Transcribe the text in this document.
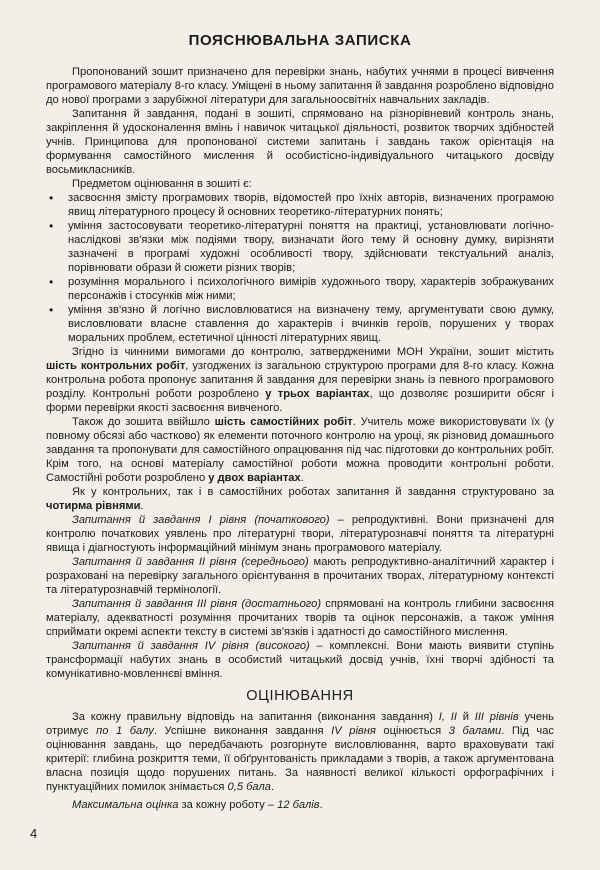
ПОЯСНЮВАЛЬНА ЗАПИСКА

Пропонований зошит призначено для перевірки знань, набутих учнями в процесі вивчення програмового матеріалу 8-го класу. Уміщені в ньому запитання й завдання розроблено відповідно до нової програми з зарубіжної літератури для загальноосвітніх навчальних закладів.

Запитання й завдання, подані в зошиті, спрямовано на різнорівневий контроль знань, закріплення й удосконалення вмінь і навичок читацької діяльності, розвиток творчих здібностей учнів. Принципова для пропонованої системи запитань і завдань також орієнтація на формування самостійного мислення й особистісно-індивідуального читацького досвіду восьмикласників.

Предметом оцінювання в зошиті є:

• засвоєння змісту програмових творів, відомостей про їхніх авторів, визначених програмою явищ літературного процесу й основних теоретико-літературних понять;
• уміння застосовувати теоретико-літературні поняття на практиці, установлювати логічно-наслідкові зв'язки між подіями твору, визначати його тему й основну думку, вирізняти зазначені в програмі художні особливості твору, здійснювати текстуальний аналіз, порівнювати образи й сюжети різних творів;
• розуміння морального і психологічного вимірів художнього твору, характерів зображуваних персонажів і стосунків між ними;
• уміння зв'язно й логічно висловлюватися на визначену тему, аргументувати свою думку, висловлювати власне ставлення до характерів і вчинків героїв, порушених у творах моральних проблем, естетичної цінності літературних явищ.

Згідно із чинними вимогами до контролю, затвердженими МОН України, зошит містить шість контрольних робіт, узгоджених із загальною структурою програми для 8-го класу. Кожна контрольна робота пропонує запитання й завдання для перевірки знань із певного програмового розділу. Контрольні роботи розроблено у трьох варіантах, що дозволяє розширити обсяг і форми перевірки якості засвоєння вивченого.

Також до зошита ввійшло шість самостійних робіт. Учитель може використовувати їх (у повному обсязі або частково) як елементи поточного контролю на уроці, як різновид домашнього завдання та пропонувати для самостійного опрацювання під час підготовки до контрольних робіт. Крім того, на основі матеріалу самостійної роботи можна проводити контрольні роботи. Самостійні роботи розроблено у двох варіантах.

Як у контрольних, так і в самостійних роботах запитання й завдання структуровано за чотирма рівнями.

Запитання й завдання І рівня (початкового) – репродуктивні. Вони призначені для контролю початкових уявлень про літературні твори, літературознавчі поняття та літературні явища і діагностують інформаційний мінімум знань програмового матеріалу.

Запитання й завдання ІІ рівня (середнього) мають репродуктивно-аналітичний характер і розраховані на перевірку загального орієнтування в прочитаних творах, літературному контексті та літературознавчій термінології.

Запитання й завдання ІІІ рівня (достатнього) спрямовані на контроль глибини засвоєння матеріалу, адекватності розуміння прочитаних творів та оцінок персонажів, а також уміння сприймати окремі аспекти тексту в системі зв'язків і здатності до самостійного мислення.

Запитання й завдання IV рівня (високого) – комплексні. Вони мають виявити ступінь трансформації набутих знань в особистий читацький досвід учнів, їхні творчі здібності та комунікативно-мовленнєві вміння.

ОЦІНЮВАННЯ

За кожну правильну відповідь на запитання (виконання завдання) І, ІІ й ІІІ рівнів учень отримує по 1 балу. Успішне виконання завдання IV рівня оцінюється 3 балами. Під час оцінювання завдань, що передбачають розгорнуте висловлювання, варто враховувати такі критерії: глибина розкриття теми, її обґрунтованість прикладами з творів, а також аргументована власна позиція щодо порушених питань. За наявності великої кількості орфографічних і пунктуаційних помилок знімається 0,5 бала.

Максимальна оцінка за кожну роботу – 12 балів.

4
